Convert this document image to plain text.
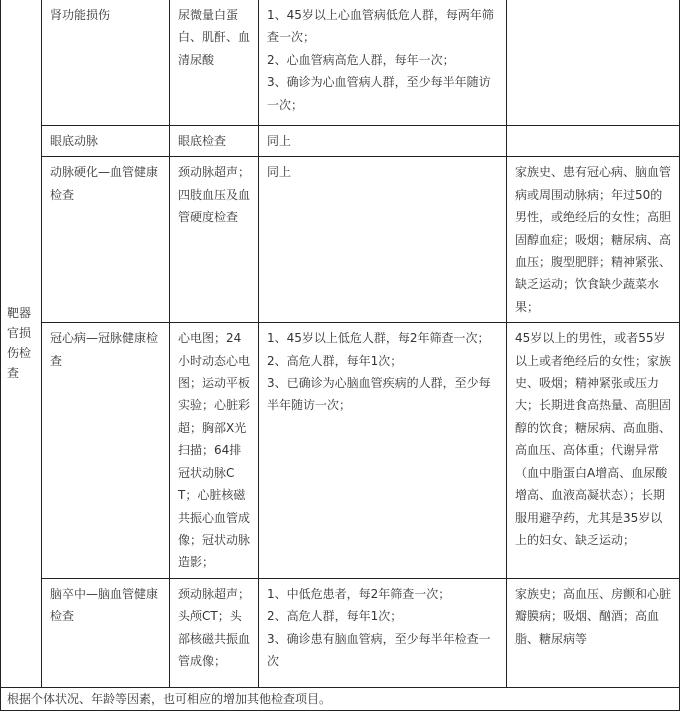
靶器官损伤检查	肾功能损伤	尿微量白蛋白、肌酐、血清尿酸	1、45岁以上心血管病低危人群，每两年筛查一次；
2、心血管病高危人群，每年一次；
3、确诊为心血管病人群，至少每半年随访一次；	

	眼底动脉	眼底检查	同上	

	动脉硬化—血管健康检查	颈动脉超声；四肢血压及血管硬度检查	同上	家族史、患有冠心病、脑血管病或周围动脉病；年过50的男性，或绝经后的女性；高胆固醇血症；吸烟；糖尿病、高血压；腹型肥胖；精神紧张、缺乏运动；饮食缺少蔬菜水果；
	冠心病—冠脉健康检查	心电图；24小时动态心电图；运动平板实验；心脏彩超；胸部X光扫描；64排冠状动脉CT；心脏核磁共振心血管成像；冠状动脉造影；	1、45岁以上低危人群，每2年筛查一次；
2、高危人群，每年1次；
3、已确诊为心脑血管疾病的人群，至少每半年随访一次；	45岁以上的男性，或者55岁以上或者绝经后的女性；家族史、吸烟；精神紧张或压力大；长期进食高热量、高胆固醇的饮食；糖尿病、高血脂、高血压、高体重；代谢异常（血中脂蛋白A增高、血尿酸增高、血液高凝状态）；长期服用避孕药，尤其是35岁以上的妇女、缺乏运动；
	脑卒中—脑血管健康检查	颈动脉超声；头颅CT；头部核磁共振血管成像；	1、中低危患者，每2年筛查一次；
2、高危人群，每年1次；
3、确诊患有脑血管病，至少每半年检查一次	家族史；高血压、房颤和心脏瓣膜病；吸烟、酗酒；高血脂、糖尿病等
根据个体状况、年龄等因素，也可相应的增加其他检查项目。				
